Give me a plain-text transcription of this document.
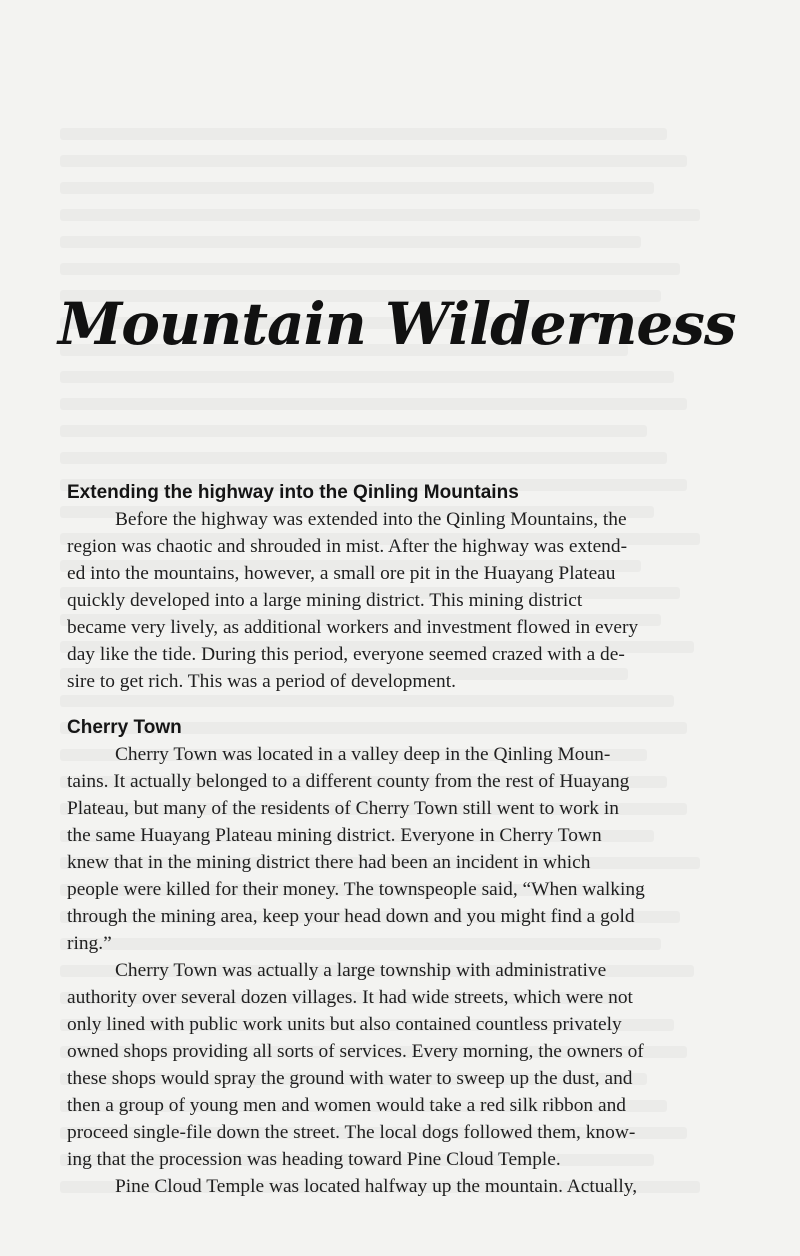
Mountain Wilderness
Extending the highway into the Qinling Mountains

Before the highway was extended into the Qinling Mountains, the
region was chaotic and shrouded in mist. After the highway was extend-
ed into the mountains, however, a small ore pit in the Huayang Plateau
quickly developed into a large mining district. This mining district
became very lively, as additional workers and investment flowed in every
day like the tide. During this period, everyone seemed crazed with a de-
sire to get rich. This was a period of development.

Cherry Town

Cherry Town was located in a valley deep in the Qinling Moun-
tains. It actually belonged to a different county from the rest of Huayang
Plateau, but many of the residents of Cherry Town still went to work in
the same Huayang Plateau mining district. Everyone in Cherry Town
knew that in the mining district there had been an incident in which
people were killed for their money. The townspeople said, “When walking
through the mining area, keep your head down and you might find a gold
ring.”

Cherry Town was actually a large township with administrative
authority over several dozen villages. It had wide streets, which were not
only lined with public work units but also contained countless privately
owned shops providing all sorts of services. Every morning, the owners of
these shops would spray the ground with water to sweep up the dust, and
then a group of young men and women would take a red silk ribbon and
proceed single-file down the street. The local dogs followed them, know-
ing that the procession was heading toward Pine Cloud Temple.

Pine Cloud Temple was located halfway up the mountain. Actually,
